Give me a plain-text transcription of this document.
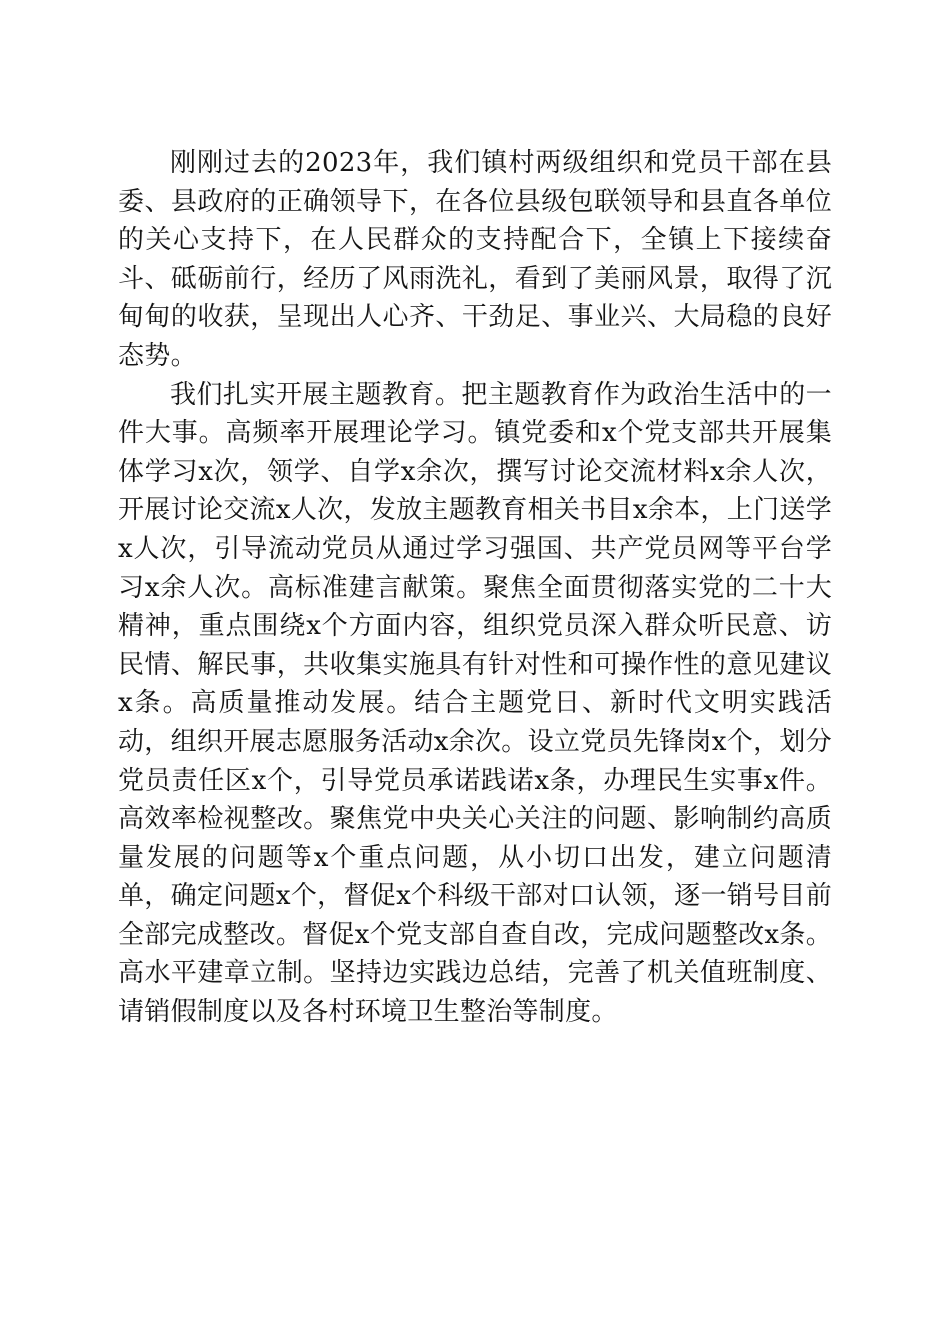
刚刚过去的2023年，我们镇村两级组织和党员干部在县委、县政府的正确领导下，在各位县级包联领导和县直各单位的关心支持下，在人民群众的支持配合下，全镇上下接续奋斗、砥砺前行，经历了风雨洗礼，看到了美丽风景，取得了沉甸甸的收获，呈现出人心齐、干劲足、事业兴、大局稳的良好态势。

我们扎实开展主题教育。把主题教育作为政治生活中的一件大事。高频率开展理论学习。镇党委和x个党支部共开展集体学习x次，领学、自学x余次，撰写讨论交流材料x余人次，开展讨论交流x人次，发放主题教育相关书目x余本，上门送学x人次，引导流动党员从通过学习强国、共产党员网等平台学习x余人次。高标准建言献策。聚焦全面贯彻落实党的二十大精神，重点围绕x个方面内容，组织党员深入群众听民意、访民情、解民事，共收集实施具有针对性和可操作性的意见建议x条。高质量推动发展。结合主题党日、新时代文明实践活动，组织开展志愿服务活动x余次。设立党员先锋岗x个，划分党员责任区x个，引导党员承诺践诺x条，办理民生实事x件。高效率检视整改。聚焦党中央关心关注的问题、影响制约高质量发展的问题等x个重点问题，从小切口出发，建立问题清单，确定问题x个，督促x个科级干部对口认领，逐一销号目前全部完成整改。督促x个党支部自查自改，完成问题整改x条。高水平建章立制。坚持边实践边总结，完善了机关值班制度、请销假制度以及各村环境卫生整治等制度。
